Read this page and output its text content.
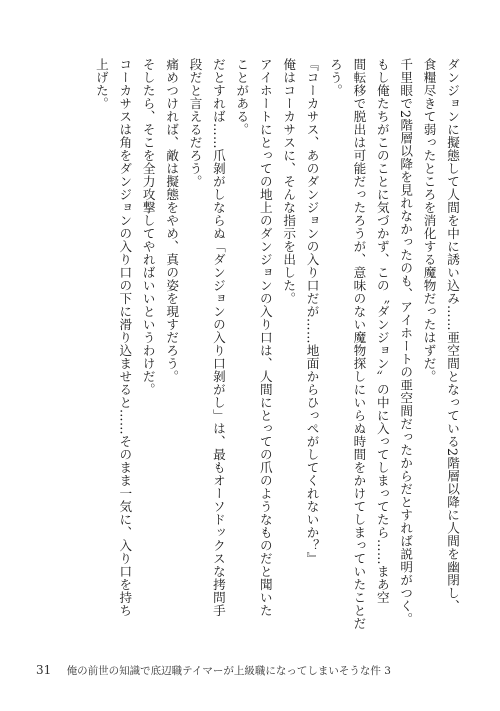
ダンジョンに擬態して人間を中に誘い込み……亜空間となっている2階層以降に人間を幽閉し、
食糧尽きて弱ったところを消化する魔物だったはずだ。
千里眼で2階層以降を見れなかったのも、アイホートの亜空間だったからだとすれば説明がつく。
もし俺たちがこのことに気づかず、この〝ダンジョン〟の中に入ってしまってたら……まあ空
間転移で脱出は可能だったろうが、意味のない魔物探しにいらぬ時間をかけてしまっていたことだ
ろう。
『コーカサス、あのダンジョンの入り口だが……地面からひっぺがしてくれないか？』
俺はコーカサスに、そんな指示を出した。
アイホートにとっての地上のダンジョンの入り口は、人間にとっての爪のようなものだと聞いた
ことがある。
だとすれば……爪剝がしならぬ「ダンジョンの入り口剝がし」は、最もオーソドックスな拷問手
段だと言えるだろう。
痛めつければ、敵は擬態をやめ、真の姿を現すだろう。
そしたら、そこを全力攻撃してやればいいというわけだ。
コーカサスは角をダンジョンの入り口の下に滑り込ませると……そのまま一気に、入り口を持ち
上げた。
31 俺の前世の知識で底辺職テイマーが上級職になってしまいそうな件 3
